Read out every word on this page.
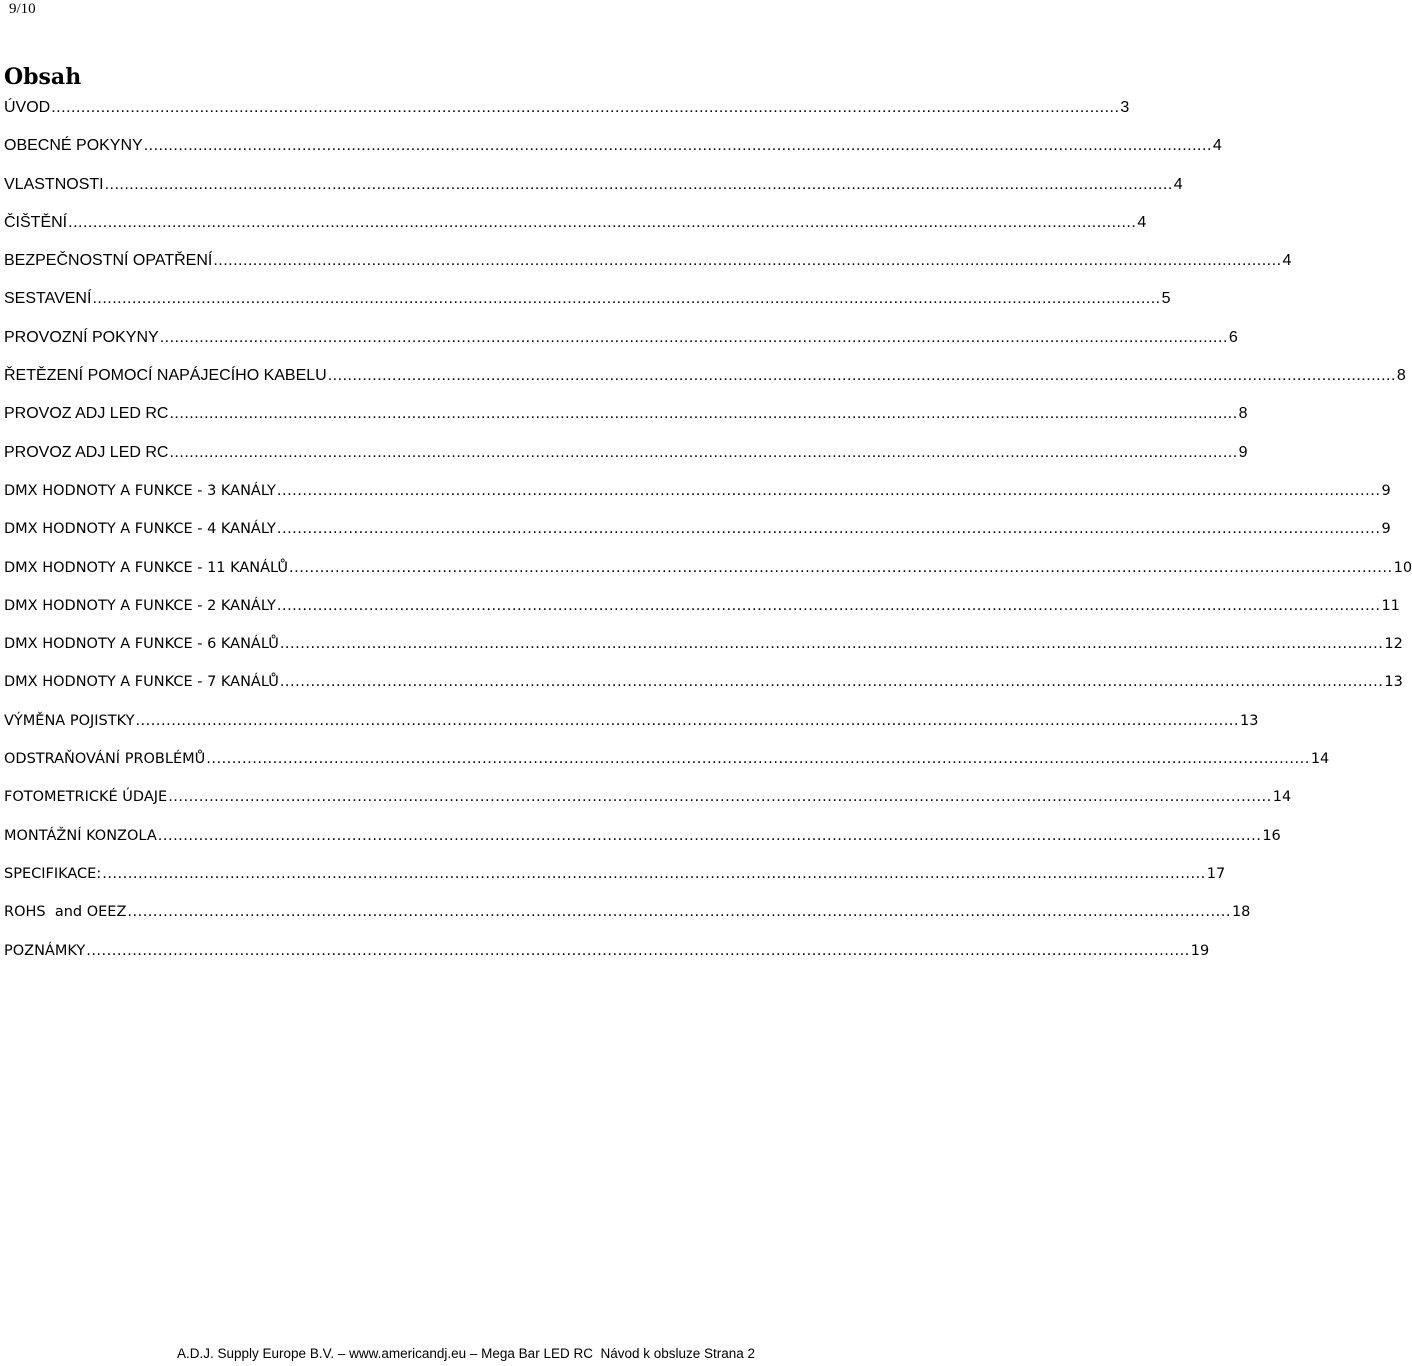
9/10
Obsah
ÚVOD .....	3
OBECNÉ POKYNY .....	4
VLASTNOSTI .....	4
ČIŠTĚNÍ .....	4
BEZPEČNOSTNÍ OPATŘENÍ .....	4
SESTAVENÍ .....	5
PROVOZNÍ POKYNY .....	6
ŘETĚZENÍ POMOCÍ NAPÁJECÍHO KABELU .....	8
PROVOZ ADJ LED RC .....	8
PROVOZ ADJ LED RC .....	9
DMX HODNOTY A FUNKCE - 3 KANÁLY .....	9
DMX HODNOTY A FUNKCE - 4 KANÁLY .....	9
DMX HODNOTY A FUNKCE - 11 KANÁLŮ .....	10
DMX HODNOTY A FUNKCE - 2 KANÁLY .....	11
DMX HODNOTY A FUNKCE - 6 KANÁLŮ .....	12
DMX HODNOTY A FUNKCE - 7 KANÁLŮ .....	13
VÝMĚNA POJISTKY .....	13
ODSTRAŇOVÁNÍ PROBLÉMŮ .....	14
FOTOMETRICKÉ ÚDAJE .....	14
MONTÁŽNÍ KONZOLA .....	16
SPECIFIKACE: .....	17
ROHS  and OEEZ .....	18
POZNÁMKY .....	19
A.D.J. Supply Europe B.V. – www.americandj.eu – Mega Bar LED RC  Návod k obsluze Strana 2
